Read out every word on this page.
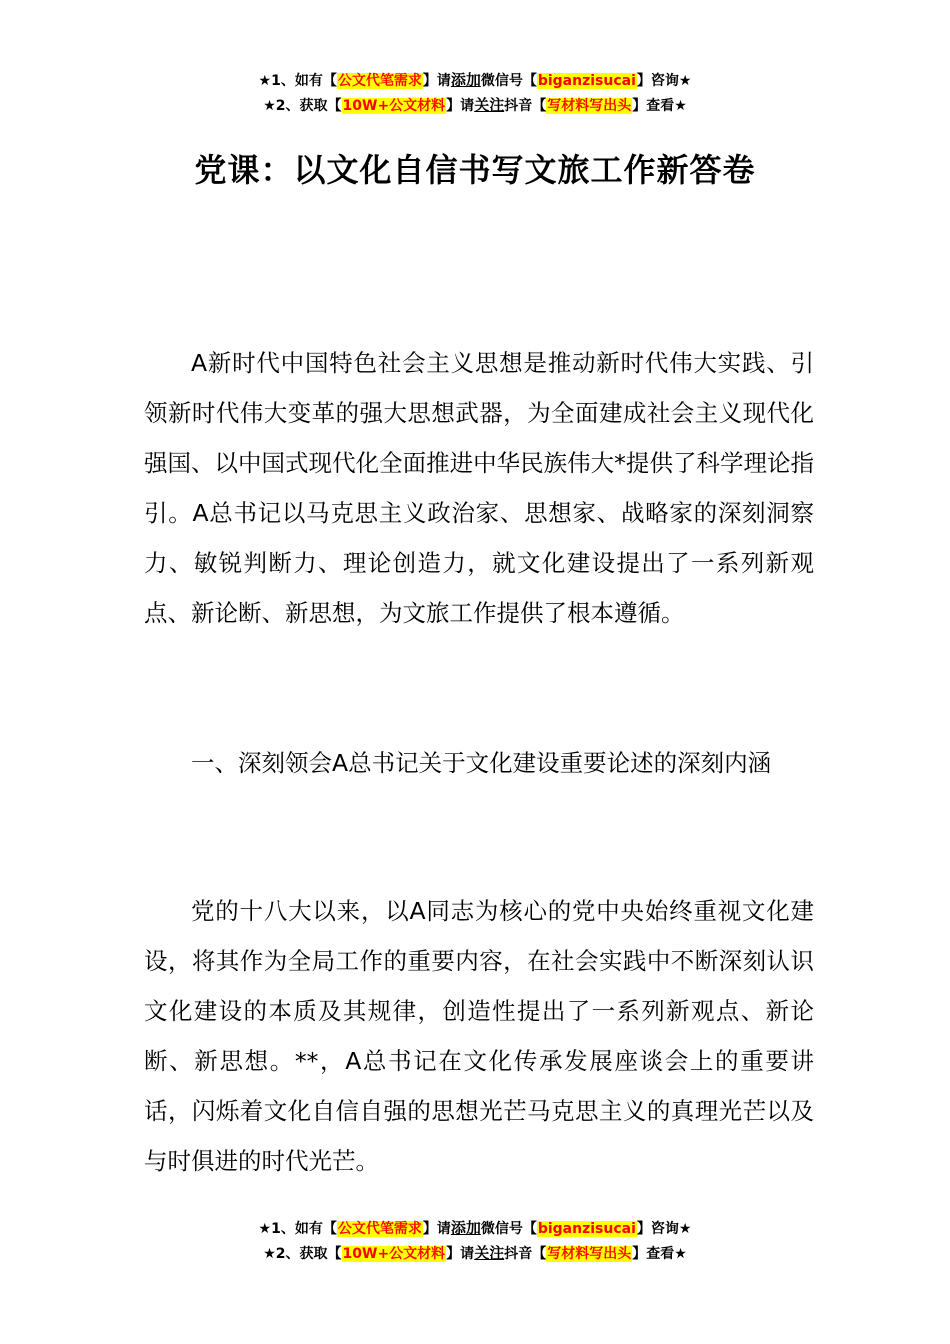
★1、如有【公文代笔需求】请添加微信号【biganzisucai】咨询★
★2、获取【10W+公文材料】请关注抖音【写材料写出头】查看★
党课：以文化自信书写文旅工作新答卷

A新时代中国特色社会主义思想是推动新时代伟大实践、引领新时代伟大变革的强大思想武器，为全面建成社会主义现代化强国、以中国式现代化全面推进中华民族伟大*提供了科学理论指引。A总书记以马克思主义政治家、思想家、战略家的深刻洞察力、敏锐判断力、理论创造力，就文化建设提出了一系列新观点、新论断、新思想，为文旅工作提供了根本遵循。

一、深刻领会A总书记关于文化建设重要论述的深刻内涵

党的十八大以来，以A同志为核心的党中央始终重视文化建设，将其作为全局工作的重要内容，在社会实践中不断深刻认识文化建设的本质及其规律，创造性提出了一系列新观点、新论断、新思想。**，A总书记在文化传承发展座谈会上的重要讲话，闪烁着文化自信自强的思想光芒马克思主义的真理光芒以及与时俱进的时代光芒。

★1、如有【公文代笔需求】请添加微信号【biganzisucai】咨询★
★2、获取【10W+公文材料】请关注抖音【写材料写出头】查看★
